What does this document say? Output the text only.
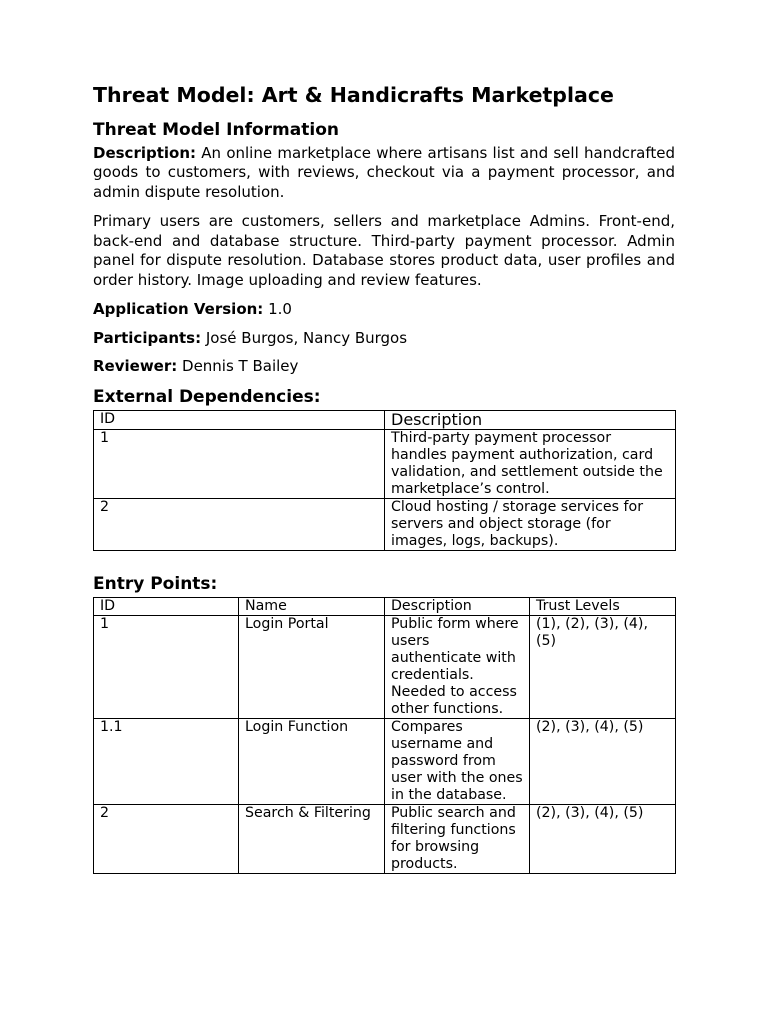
Threat Model: Art & Handicrafts Marketplace
Threat Model Information

Description: An online marketplace where artisans list and sell handcrafted goods to customers, with reviews, checkout via a payment processor, and admin dispute resolution.

Primary users are customers, sellers and marketplace Admins. Front-end, back-end and database structure. Third-party payment processor. Admin panel for dispute resolution. Database stores product data, user profiles and order history. Image uploading and review features.

Application Version: 1.0

Participants: José Burgos, Nancy Burgos

Reviewer: Dennis T Bailey

External Dependencies:
ID	Description
1	Third-party payment processor handles payment authorization, card validation, and settlement outside the marketplace’s control.
2	Cloud hosting / storage services for servers and object storage (for images, logs, backups).
Entry Points:
ID	Name	Description	Trust Levels
1	Login Portal	Public form where users authenticate with credentials. Needed to access other functions.	(1), (2), (3), (4), (5)
1.1	Login Function	Compares username and password from user with the ones in the database.	(2), (3), (4), (5)
2	Search & Filtering	Public search and filtering functions for browsing products.	(2), (3), (4), (5)
